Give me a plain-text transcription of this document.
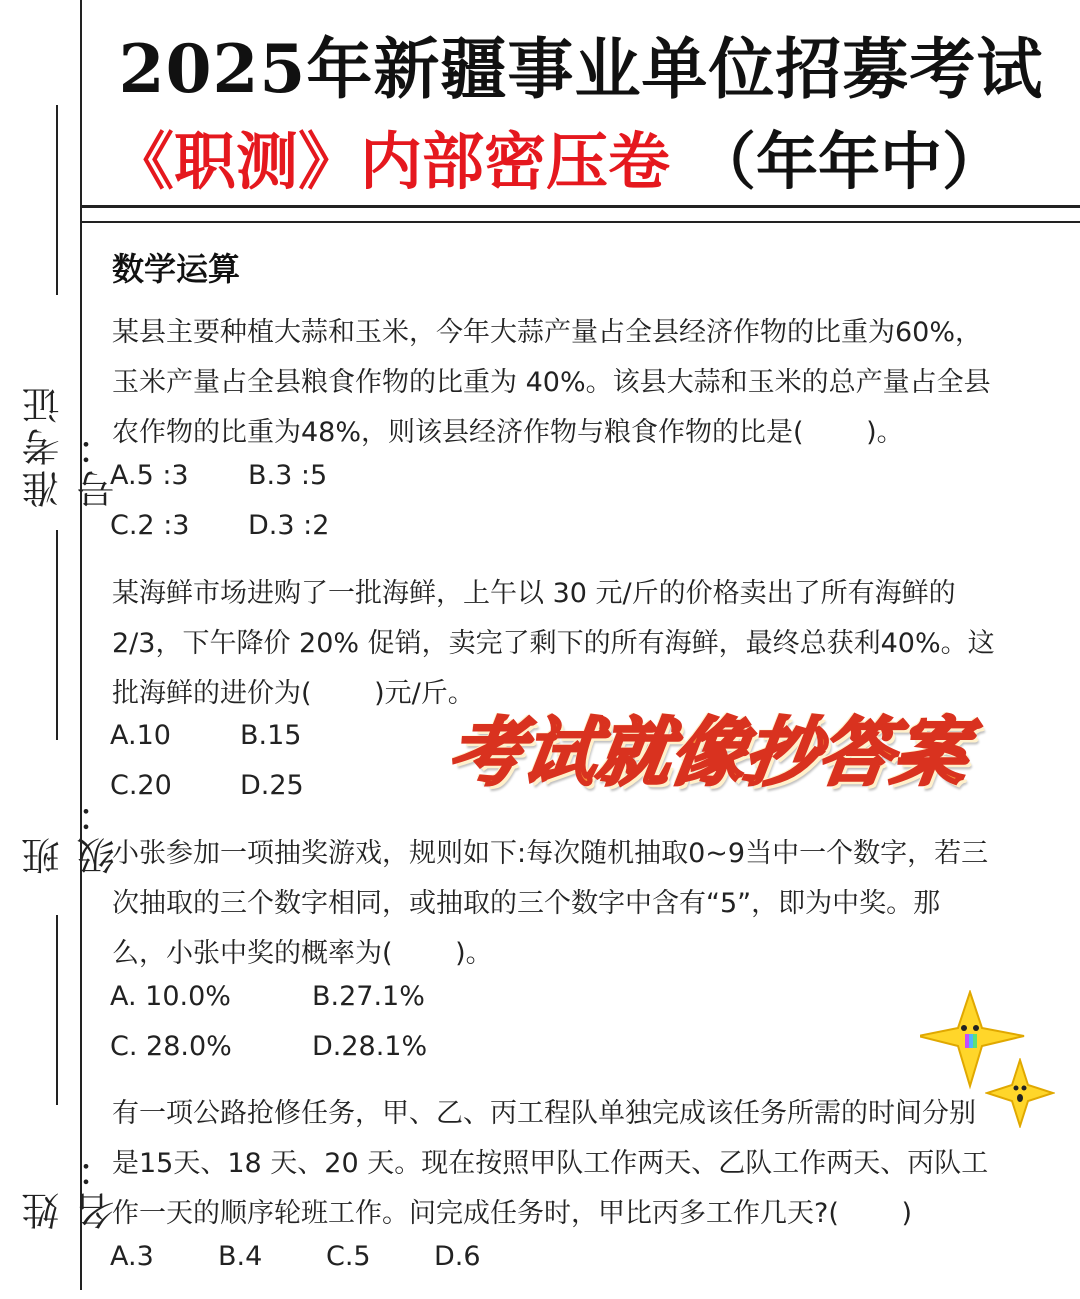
准考证号：
班级：
姓名：
2025年新疆事业单位招募考试
《职测》内部密压卷 （年年中）
数学运算
某县主要种植大蒜和玉米，今年大蒜产量占全县经济作物的比重为60%，
玉米产量占全县粮食作物的比重为 40%。该县大蒜和玉米的总产量占全县
农作物的比重为48%，则该县经济作物与粮食作物的比是(　　 )。
A.5 :3 B.3 :5
C.2 :3 D.3 :2
某海鲜市场进购了一批海鲜，上午以 30 元/斤的价格卖出了所有海鲜的
2/3，下午降价 20% 促销，卖完了剩下的所有海鲜，最终总获利40%。这
批海鲜的进价为(　　 )元/斤。
A.10	B.15
C.20	D.25
小张参加一项抽奖游戏，规则如下:每次随机抽取0~9当中一个数字，若三
次抽取的三个数字相同，或抽取的三个数字中含有“5”，即为中奖。那
么，小张中奖的概率为(　　 )。
A. 10.0%	B.27.1%
C. 28.0%	D.28.1%
有一项公路抢修任务，甲、乙、丙工程队单独完成该任务所需的时间分别
是15天、18 天、20 天。现在按照甲队工作两天、乙队工作两天、丙队工
作一天的顺序轮班工作。问完成任务时，甲比丙多工作几天?(　　 )
A.3 B.4 C.5 D.6
考试就像抄答案
